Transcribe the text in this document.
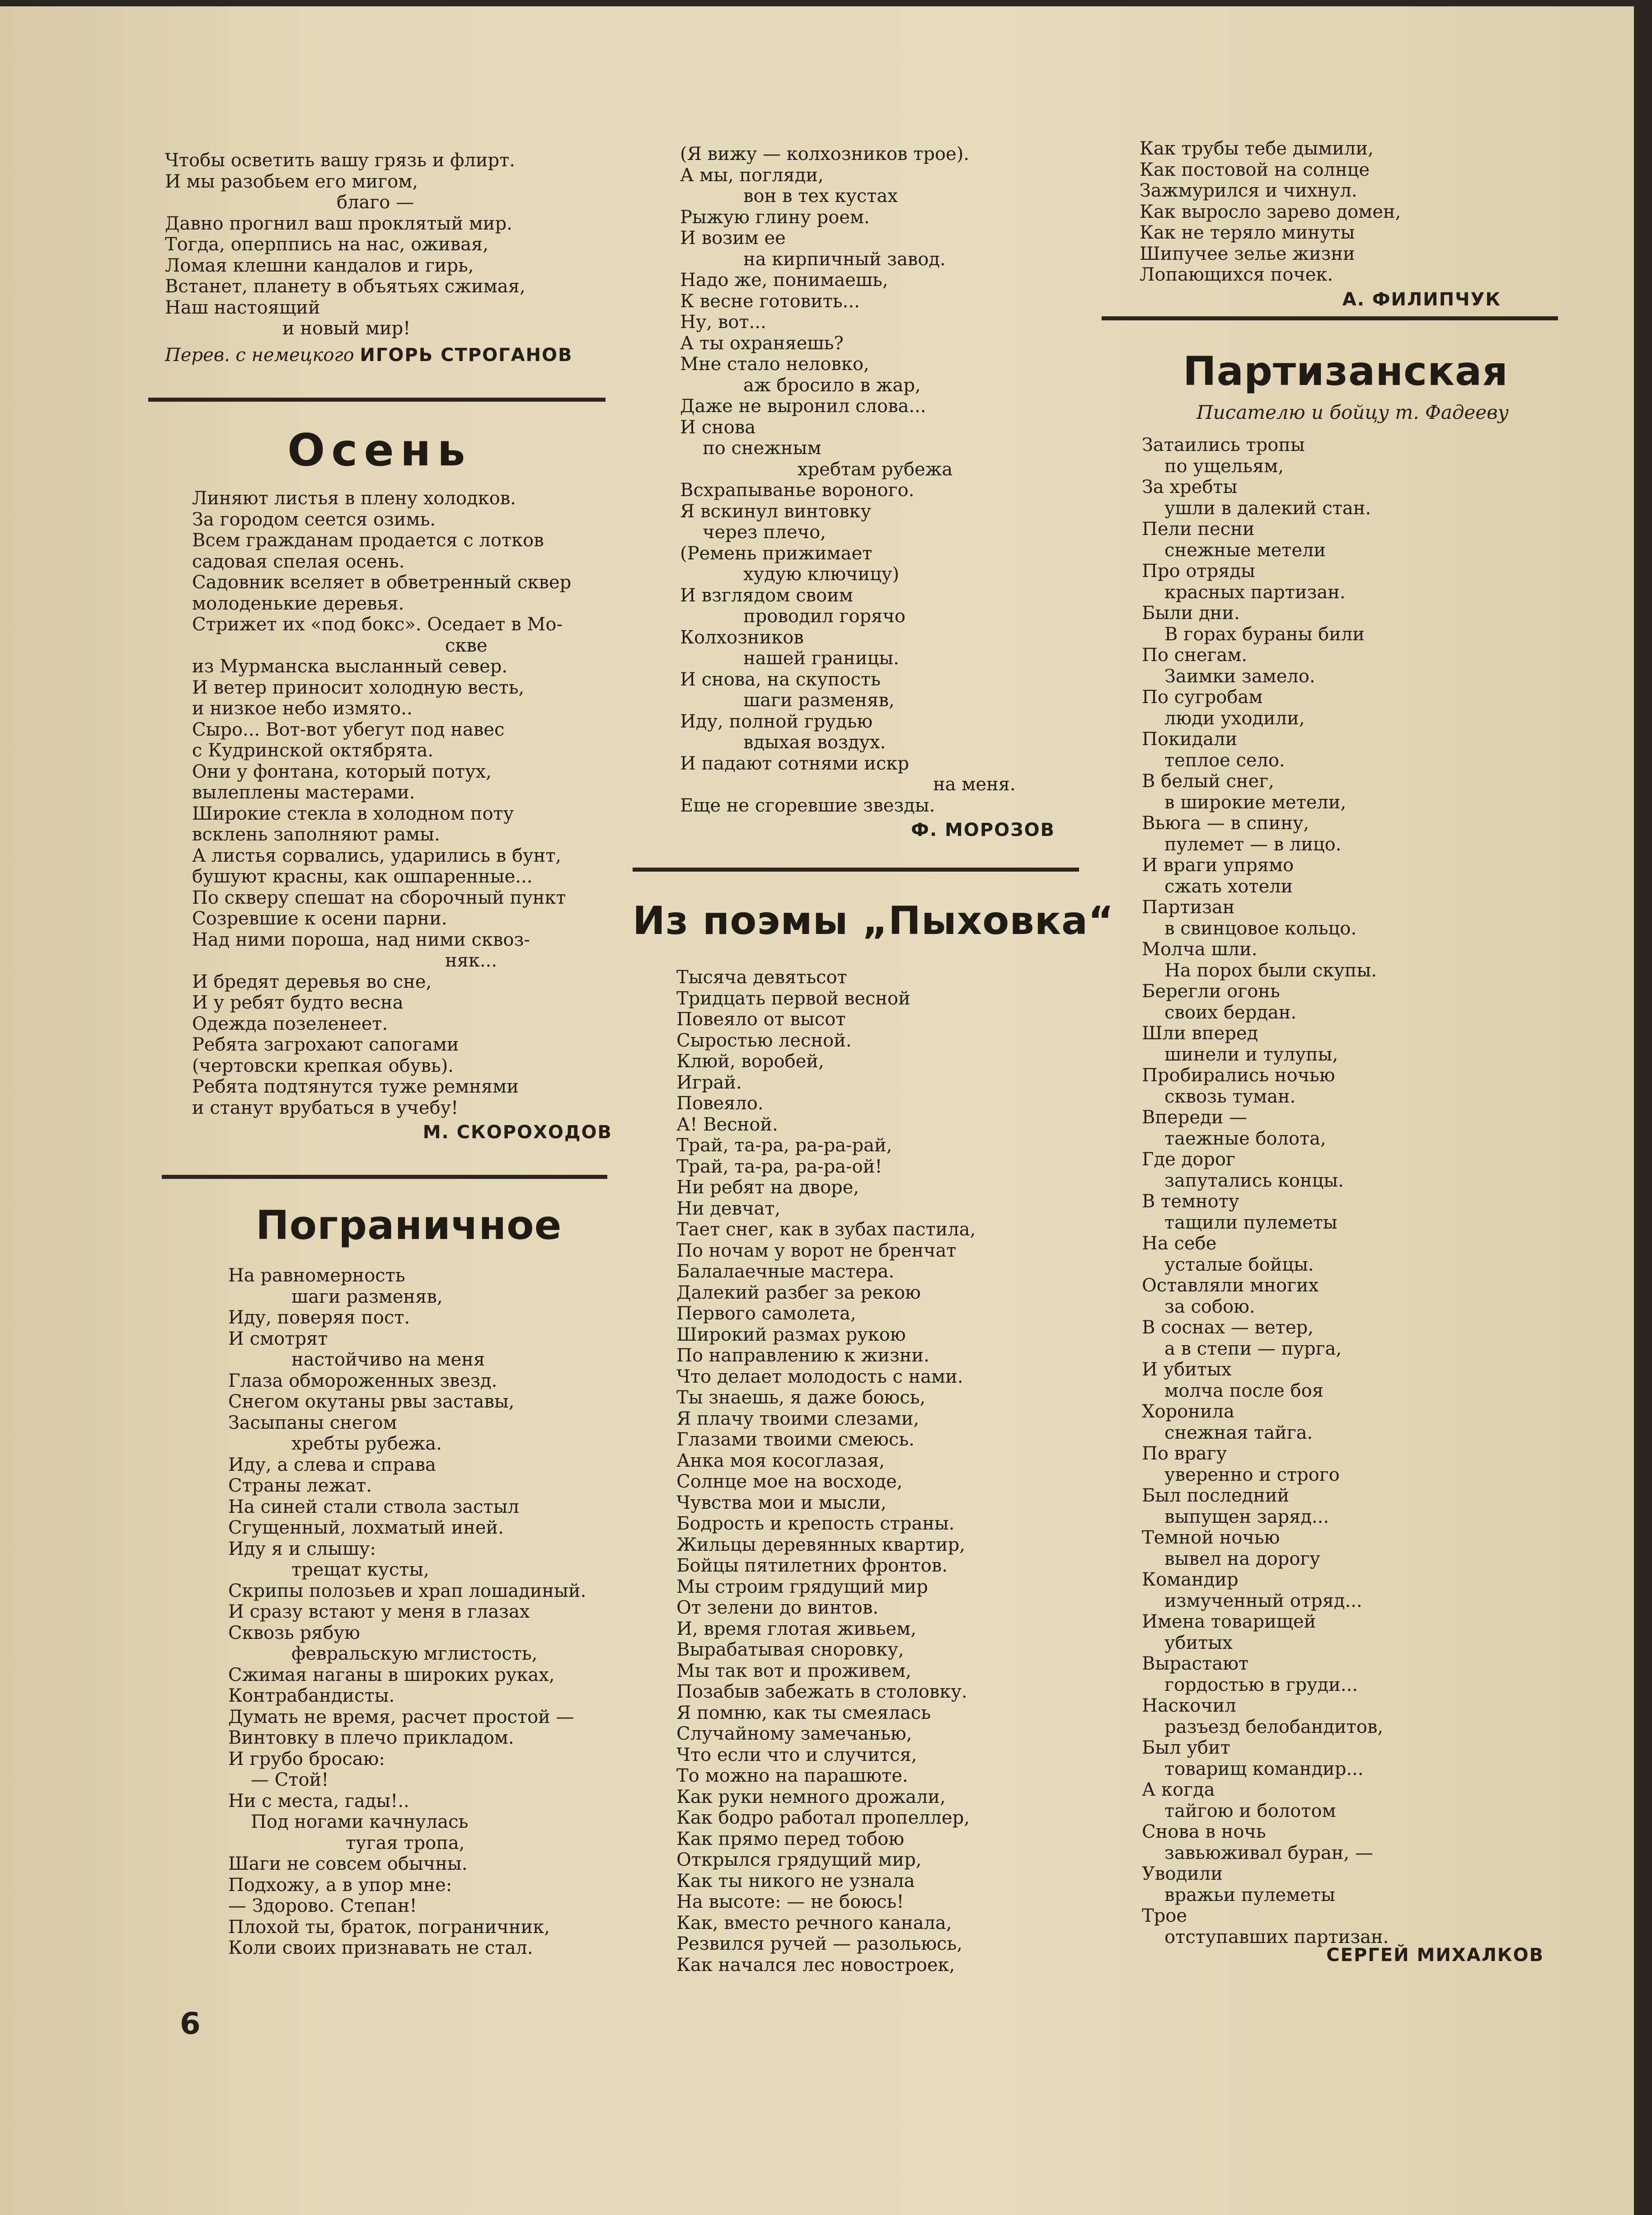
Чтобы осветить вашу грязь и флирт.
И мы разобьем его мигом,
благо —
Давно прогнил ваш проклятый мир.
Тогда, оперппись на нас, оживая,
Ломая клешни кандалов и гирь,
Встанет, планету в объятьях сжимая,
Наш настоящий
и новый мир!
Перев. с немецкого ИГОРЬ СТРОГАНОВ
Осень
Линяют листья в плену холодков.
За городом сеется озимь.
Всем гражданам продается с лотков
садовая спелая осень.
Садовник вселяет в обветренный сквер
молоденькие деревья.
Стрижет их «под бокс». Оседает в Мо-
скве
из Мурманска высланный север.
И ветер приносит холодную весть,
и низкое небо измято..
Сыро... Вот-вот убегут под навес
с Кудринской октябрята.
Они у фонтана, который потух,
вылеплены мастерами.
Широкие стекла в холодном поту
всклень заполняют рамы.
А листья сорвались, ударились в бунт,
бушуют красны, как ошпаренные...
По скверу спешат на сборочный пункт
Созревшие к осени парни.
Над ними пороша, над ними сквоз-
няк...
И бредят деревья во сне,
И у ребят будто весна
Одежда позеленеет.
Ребята загрохают сапогами
(чертовски крепкая обувь).
Ребята подтянутся туже ремнями
и станут врубаться в учебу!
М. СКОРОХОДОВ
Пограничное
На равномерность
шаги разменяв,
Иду, поверяя пост.
И смотрят
настойчиво на меня
Глаза обмороженных звезд.
Снегом окутаны рвы заставы,
Засыпаны снегом
хребты рубежа.
Иду, а слева и справа
Страны лежат.
На синей стали ствола застыл
Сгущенный, лохматый иней.
Иду я и слышу:
трещат кусты,
Скрипы полозьев и храп лошадиный.
И сразу встают у меня в глазах
Сквозь рябую
февральскую мглистость,
Сжимая наганы в широких руках,
Контрабандисты.
Думать не время, расчет простой —
Винтовку в плечо прикладом.
И грубо бросаю:
— Стой!
Ни с места, гады!..
Под ногами качнулась
тугая тропа,
Шаги не совсем обычны.
Подхожу, а в упор мне:
— Здорово. Степан!
Плохой ты, браток, пограничник,
Коли своих признавать не стал.
6
(Я вижу — колхозников трое).
А мы, погляди,
вон в тех кустах
Рыжую глину роем.
И возим ее
на кирпичный завод.
Надо же, понимаешь,
К весне готовить...
Ну, вот...
А ты охраняешь?
Мне стало неловко,
аж бросило в жар,
Даже не выронил слова...
И снова
по снежным
хребтам рубежа
Всхрапыванье вороного.
Я вскинул винтовку
через плечо,
(Ремень прижимает
худую ключицу)
И взглядом своим
проводил горячо
Колхозников
нашей границы.
И снова, на скупость
шаги разменяв,
Иду, полной грудью
вдыхая воздух.
И падают сотнями искр
на меня.
Еще не сгоревшие звезды.
Ф. МОРОЗОВ
Из поэмы „Пыховка“
Тысяча девятьсот
Тридцать первой весной
Повеяло от высот
Сыростью лесной.
Клюй, воробей,
Играй.
Повеяло.
А! Весной.
Трай, та-ра, ра-ра-рай,
Трай, та-ра, ра-ра-ой!
Ни ребят на дворе,
Ни девчат,
Тает снег, как в зубах пастила,
По ночам у ворот не бренчат
Балалаечные мастера.
Далекий разбег за рекою
Первого самолета,
Широкий размах рукою
По направлению к жизни.
Что делает молодость с нами.
Ты знаешь, я даже боюсь,
Я плачу твоими слезами,
Глазами твоими смеюсь.
Анка моя косоглазая,
Солнце мое на восходе,
Чувства мои и мысли,
Бодрость и крепость страны.
Жильцы деревянных квартир,
Бойцы пятилетних фронтов.
Мы строим грядущий мир
От зелени до винтов.
И, время глотая живьем,
Вырабатывая сноровку,
Мы так вот и проживем,
Позабыв забежать в столовку.
Я помню, как ты смеялась
Случайному замечанью,
Что если что и случится,
То можно на парашюте.
Как руки немного дрожали,
Как бодро работал пропеллер,
Как прямо перед тобою
Открылся грядущий мир,
Как ты никого не узнала
На высоте: — не боюсь!
Как, вместо речного канала,
Резвился ручей — разольюсь,
Как начался лес новостроек,
Как трубы тебе дымили,
Как постовой на солнце
Зажмурился и чихнул.
Как выросло зарево домен,
Как не теряло минуты
Шипучее зелье жизни
Лопающихся почек.
А. ФИЛИПЧУК
Партизанская
Писателю и бойцу т. Фадееву
Затаились тропы
по ущельям,
За хребты
ушли в далекий стан.
Пели песни
снежные метели
Про отряды
красных партизан.
Были дни.
В горах бураны били
По снегам.
Заимки замело.
По сугробам
люди уходили,
Покидали
теплое село.
В белый снег,
в широкие метели,
Вьюга — в спину,
пулемет — в лицо.
И враги упрямо
сжать хотели
Партизан
в свинцовое кольцо.
Молча шли.
На порох были скупы.
Берегли огонь
своих бердан.
Шли вперед
шинели и тулупы,
Пробирались ночью
сквозь туман.
Впереди —
таежные болота,
Где дорог
запутались концы.
В темноту
тащили пулеметы
На себе
усталые бойцы.
Оставляли многих
за собою.
В соснах — ветер,
а в степи — пурга,
И убитых
молча после боя
Хоронила
снежная тайга.
По врагу
уверенно и строго
Был последний
выпущен заряд...
Темной ночью
вывел на дорогу
Командир
измученный отряд...
Имена товарищей
убитых
Вырастают
гордостью в груди...
Наскочил
разъезд белобандитов,
Был убит
товарищ командир...
А когда
тайгою и болотом
Снова в ночь
завьюживал буран, —
Уводили
вражьи пулеметы
Трое
отступавших партизан.
СЕРГЕЙ МИХАЛКОВ
